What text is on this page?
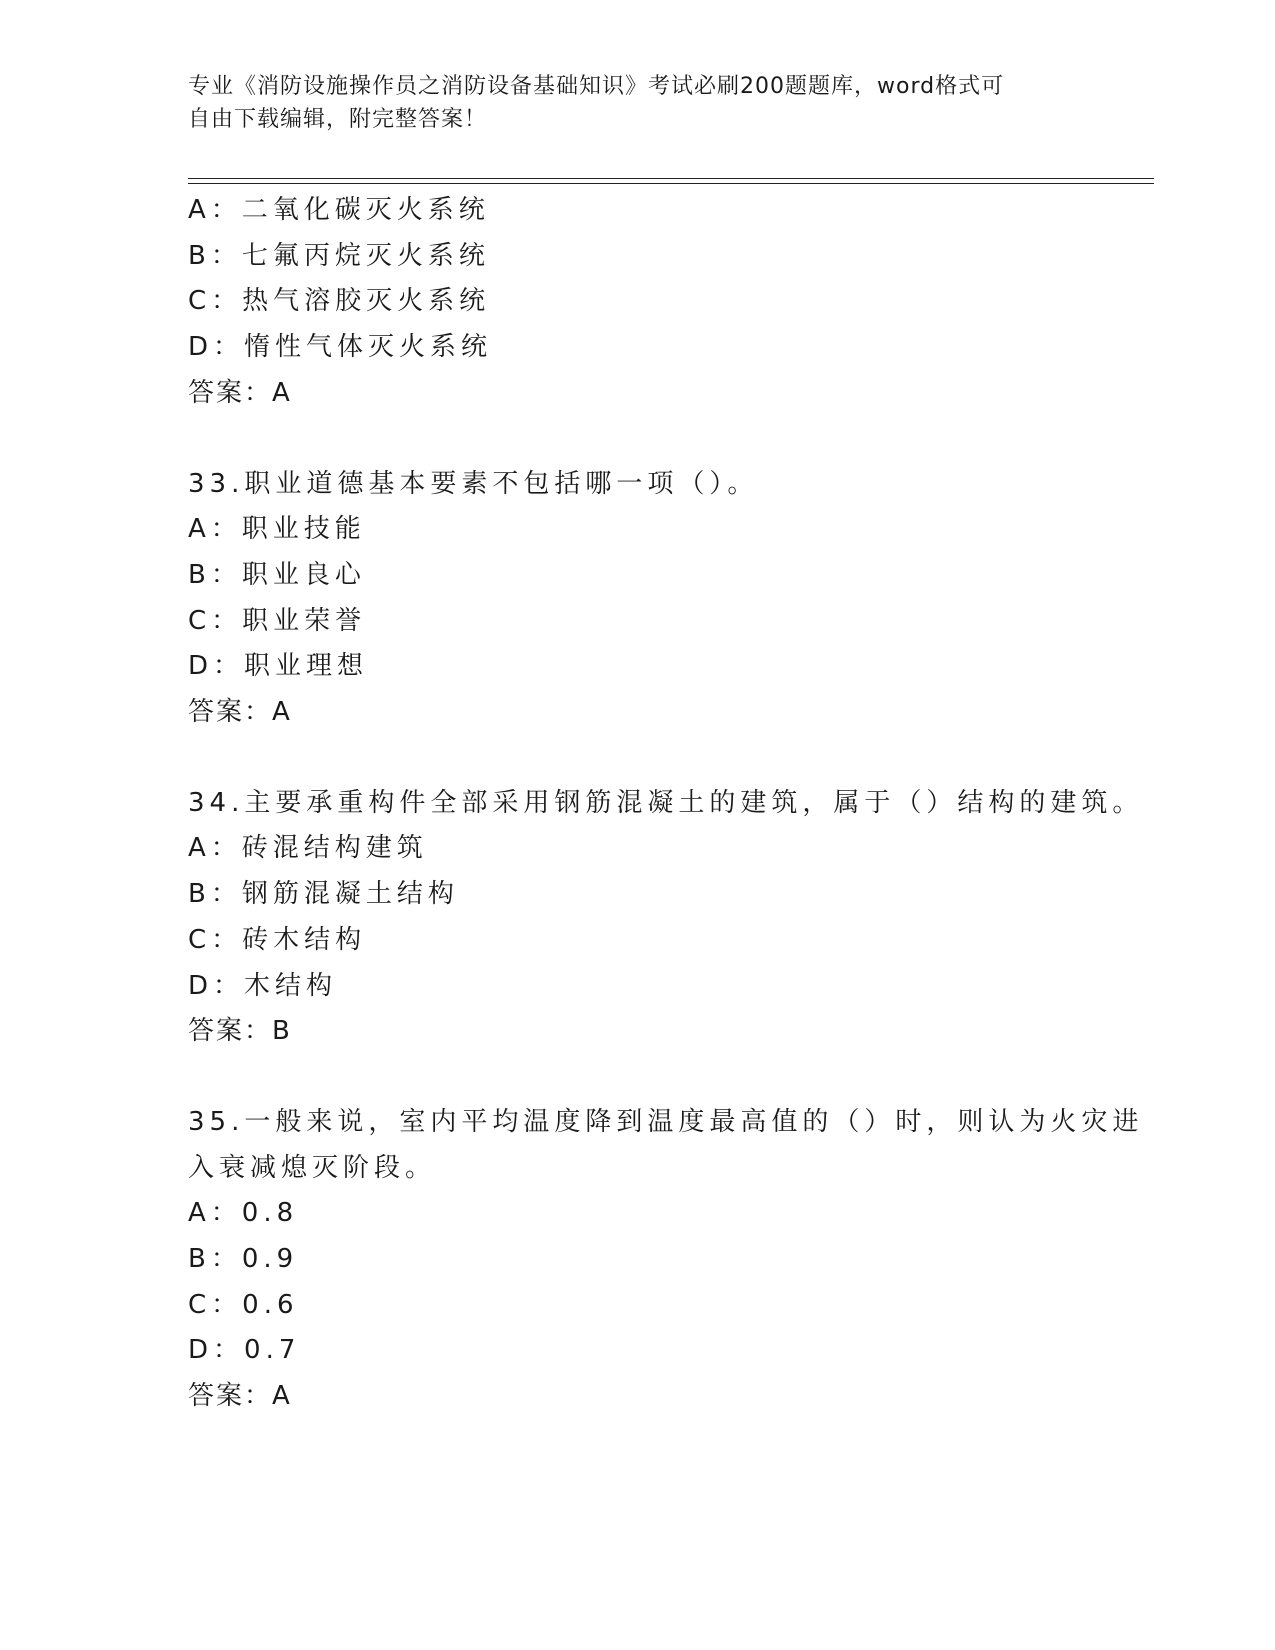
专业《消防设施操作员之消防设备基础知识》考试必刷200题题库，word格式可
自由下载编辑，附完整答案！

A：二氧化碳灭火系统

B：七氟丙烷灭火系统

C：热气溶胶灭火系统

D：惰性气体灭火系统

答案：A

33.职业道德基本要素不包括哪一项（）。

A：职业技能

B：职业良心

C：职业荣誉

D：职业理想

答案：A

34.主要承重构件全部采用钢筋混凝土的建筑，属于（）结构的建筑。

A：砖混结构建筑

B：钢筋混凝土结构

C：砖木结构

D：木结构

答案：B

35.一般来说，室内平均温度降到温度最高值的（）时，则认为火灾进

入衰减熄灭阶段。

A：0.8

B：0.9

C：0.6

D：0.7

答案：A
